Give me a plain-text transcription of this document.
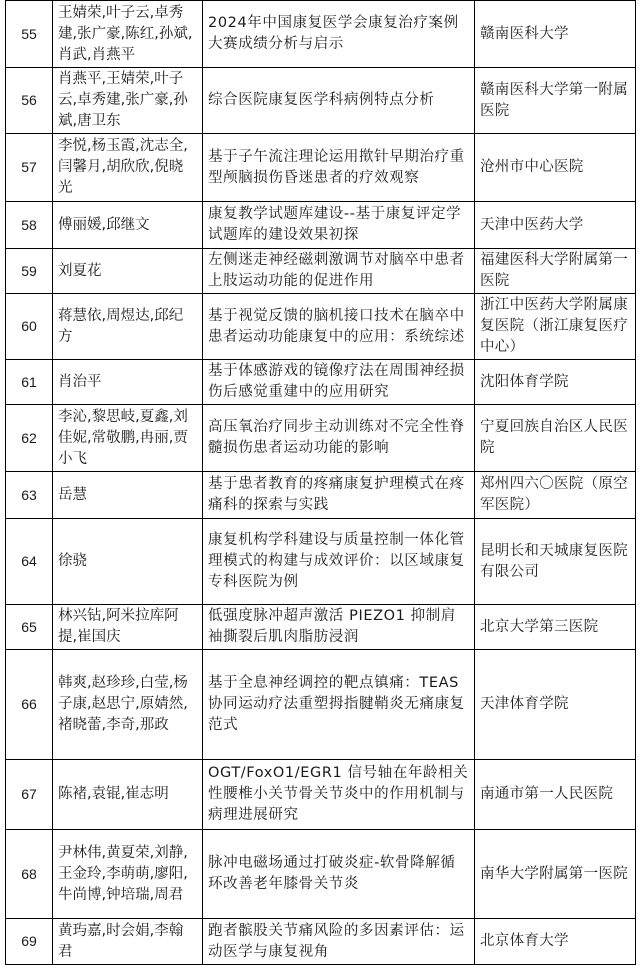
55	王婧荣,叶子云,卓秀建,张广豪,陈红,孙斌,肖武,肖燕平	2024年中国康复医学会康复治疗案例大赛成绩分析与启示	赣南医科大学
56	肖燕平,王婧荣,叶子云,卓秀建,张广豪,孙斌,唐卫东	综合医院康复医学科病例特点分析	赣南医科大学第一附属医院
57	李悦,杨玉霞,沈志全,闫馨月,胡欣欣,倪晓光	基于子午流注理论运用揿针早期治疗重型颅脑损伤昏迷患者的疗效观察	沧州市中心医院
58	傅丽媛,邱继文	康复教学试题库建设--基于康复评定学试题库的建设效果初探	天津中医药大学
59	刘夏花	左侧迷走神经磁刺激调节对脑卒中患者上肢运动功能的促进作用	福建医科大学附属第一医院
60	蒋慧依,周煜达,邱纪方	基于视觉反馈的脑机接口技术在脑卒中患者运动功能康复中的应用：系统综述	浙江中医药大学附属康复医院（浙江康复医疗中心）
61	肖治平	基于体感游戏的镜像疗法在周围神经损伤后感觉重建中的应用研究	沈阳体育学院
62	李沁,黎思岐,夏鑫,刘佳妮,常敬鹏,冉丽,贾小飞	高压氧治疗同步主动训练对不完全性脊髓损伤患者运动功能的影响	宁夏回族自治区人民医院
63	岳慧	基于患者教育的疼痛康复护理模式在疼痛科的探索与实践	郑州四六〇医院（原空军医院）
64	徐骁	康复机构学科建设与质量控制一体化管理模式的构建与成效评价：以区域康复专科医院为例	昆明长和天城康复医院有限公司
65	林兴钻,阿米拉库阿提,崔国庆	低强度脉冲超声激活 PIEZO1 抑制肩袖撕裂后肌肉脂肪浸润	北京大学第三医院
66	韩爽,赵珍珍,白莹,杨子康,赵思宁,原婧然,褚晓蕾,李奇,那政	基于全息神经调控的靶点镇痛：TEAS协同运动疗法重塑拇指腱鞘炎无痛康复范式	天津体育学院
67	陈褚,袁锟,崔志明	OGT/FoxO1/EGR1 信号轴在年龄相关性腰椎小关节骨关节炎中的作用机制与病理进展研究	南通市第一人民医院
68	尹林伟,黄夏荣,刘静,王金玲,李萌萌,廖阳,牛尚博,钟培瑞,周君	脉冲电磁场通过打破炎症-软骨降解循环改善老年膝骨关节炎	南华大学附属第一医院
69	黄玙嘉,时会娟,李翰君	跑者髌股关节痛风险的多因素评估：运动医学与康复视角	北京体育大学
